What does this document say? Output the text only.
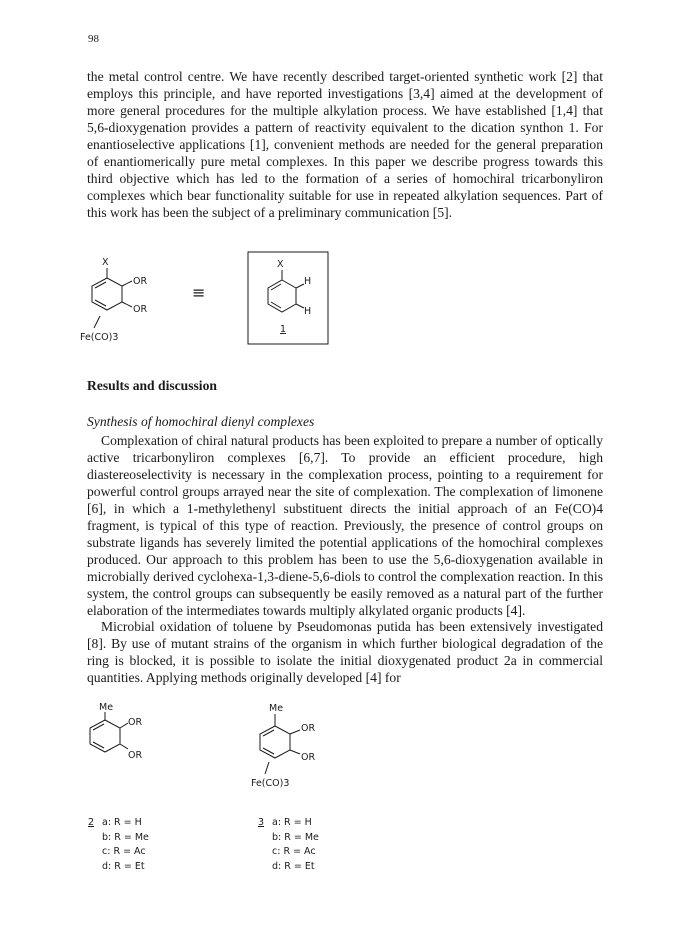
98

the metal control centre. We have recently described target-oriented synthetic work [2] that employs this principle, and have reported investigations [3,4] aimed at the development of more general procedures for the multiple alkylation process. We have established [1,4] that 5,6-dioxygenation provides a pattern of reactivity equivalent to the dication synthon 1. For enantioselective applications [1], convenient methods are needed for the general preparation of enantiomerically pure metal complexes. In this paper we describe progress towards this third objective which has led to the formation of a series of homochiral tricarbonyliron complexes which bear functionality suitable for use in repeated alkylation sequences. Part of this work has been the subject of a preliminary communication [5].

X
OR
OR
Fe(CO)3
≡
X
H
H
1
Results and discussion
Synthesis of homochiral dienyl complexes

Complexation of chiral natural products has been exploited to prepare a number of optically active tricarbonyliron complexes [6,7]. To provide an efficient procedure, high diastereoselectivity is necessary in the complexation process, pointing to a requirement for powerful control groups arrayed near the site of complexation. The complexation of limonene [6], in which a 1-methylethenyl substituent directs the initial approach of an Fe(CO)4 fragment, is typical of this type of reaction. Previously, the presence of control groups on substrate ligands has severely limited the potential applications of the homochiral complexes produced. Our approach to this problem has been to use the 5,6-dioxygenation available in microbially derived cyclohexa-1,3-diene-5,6-diols to control the complexation reaction. In this system, the control groups can subsequently be easily removed as a natural part of the further elaboration of the intermediates towards multiply alkylated organic products [4].

Microbial oxidation of toluene by Pseudomonas putida has been extensively investigated [8]. By use of mutant strains of the organism in which further biological degradation of the ring is blocked, it is possible to isolate the initial dioxygenated product 2a in commercial quantities. Applying methods originally developed [4] for

Me
OR
OR
2 a: R = H
b: R = Me
c: R = Ac
d: R = Et
Me
OR
OR
Fe(CO)3
3 a: R = H
b: R = Me
c: R = Ac
d: R = Et
